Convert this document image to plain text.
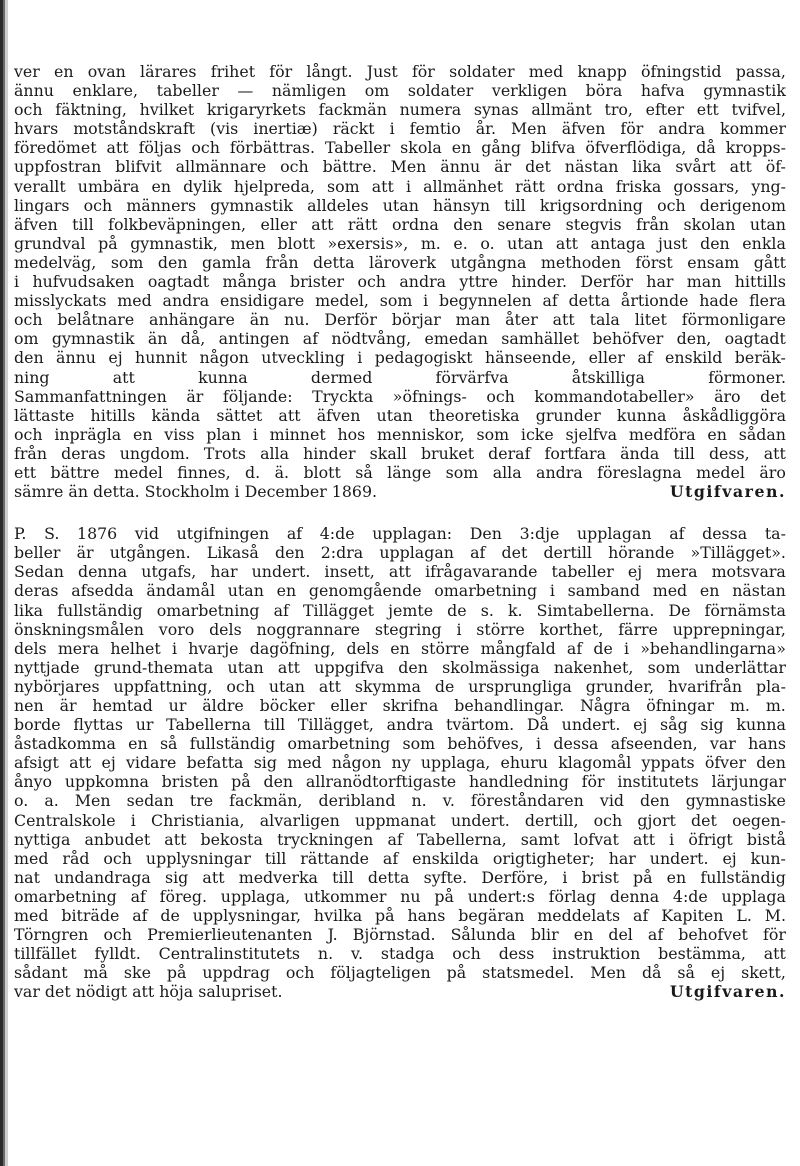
ver en ovan lärares frihet för långt. Just för soldater med knapp öfningstid passa,
ännu enklare, tabeller — nämligen om soldater verkligen böra hafva gymnastik
och fäktning, hvilket krigaryrkets fackmän numera synas allmänt tro, efter ett tvifvel,
hvars motståndskraft (vis inertiæ) räckt i femtio år. Men äfven för andra kommer
föredömet att följas och förbättras. Tabeller skola en gång blifva öfverflödiga, då kropps-
uppfostran blifvit allmännare och bättre. Men ännu är det nästan lika svårt att öf-
verallt umbära en dylik hjelpreda, som att i allmänhet rätt ordna friska gossars, yng-
lingars och männers gymnastik alldeles utan hänsyn till krigsordning och derigenom
äfven till folkbeväpningen, eller att rätt ordna den senare stegvis från skolan utan
grundval på gymnastik, men blott »exersis», m. e. o. utan att antaga just den enkla
medelväg, som den gamla från detta läroverk utgångna methoden först ensam gått
i hufvudsaken oagtadt många brister och andra yttre hinder. Derför har man hittills
misslyckats med andra ensidigare medel, som i begynnelen af detta årtionde hade flera
och belåtnare anhängare än nu. Derför börjar man åter att tala litet förmonligare
om gymnastik än då, antingen af nödtvång, emedan samhället behöfver den, oagtadt
den ännu ej hunnit någon utveckling i pedagogiskt hänseende, eller af enskild beräk-
ning	att	kunna	dermed	förvärfva	åtskilliga	förmoner.
Sammanfattningen är följande: Tryckta »öfnings- och kommandotabeller» äro det
lättaste hitills kända sättet att äfven utan theoretiska grunder kunna åskådliggöra
och inprägla en viss plan i minnet hos menniskor, som icke sjelfva medföra en sådan
från deras ungdom. Trots alla hinder skall bruket deraf fortfara ända till dess, att
ett bättre medel finnes, d. ä. blott så länge som alla andra föreslagna medel äro
sämre än detta. Stockholm i December 1869.	Utgifvaren.
P. S. 1876 vid utgifningen af 4:de upplagan: Den 3:dje upplagan af dessa ta-
beller är utgången. Likaså den 2:dra upplagan af det dertill hörande »Tillägget».
Sedan denna utgafs, har undert. insett, att ifrågavarande tabeller ej mera motsvara
deras afsedda ändamål utan en genomgående omarbetning i samband med en nästan
lika fullständig omarbetning af Tillägget jemte de s. k. Simtabellerna. De förnämsta
önskningsmålen voro dels noggrannare stegring i större korthet, färre upprepningar,
dels mera helhet i hvarje dagöfning, dels en större mångfald af de i »behandlingarna»
nyttjade grund-themata utan att uppgifva den skolmässiga nakenhet, som underlättar
nybörjares uppfattning, och utan att skymma de ursprungliga grunder, hvarifrån pla-
nen är hemtad ur äldre böcker eller skrifna behandlingar. Några öfningar m. m.
borde flyttas ur Tabellerna till Tillägget, andra tvärtom. Då undert. ej såg sig kunna
åstadkomma en så fullständig omarbetning som behöfves, i dessa afseenden, var hans
afsigt att ej vidare befatta sig med någon ny upplaga, ehuru klagomål yppats öfver den
ånyo uppkomna bristen på den allranödtorftigaste handledning för institutets lärjungar
o. a. Men sedan tre fackmän, deribland n. v. föreståndaren vid den gymnastiske
Centralskole i Christiania, alvarligen uppmanat undert. dertill, och gjort det oegen-
nyttiga anbudet att bekosta tryckningen af Tabellerna, samt lofvat att i öfrigt bistå
med råd och upplysningar till rättande af enskilda origtigheter; har undert. ej kun-
nat undandraga sig att medverka till detta syfte. Derföre, i brist på en fullständig
omarbetning af föreg. upplaga, utkommer nu på undert:s förlag denna 4:de upplaga
med biträde af de upplysningar, hvilka på hans begäran meddelats af Kapiten L. M.
Törngren och Premierlieutenanten J. Björnstad. Sålunda blir en del af behofvet för
tillfället fylldt. Centralinstitutets n. v. stadga och dess instruktion bestämma, att
sådant må ske på uppdrag och följagteligen på statsmedel. Men då så ej skett,
var det nödigt att höja salupriset.	Utgifvaren.
